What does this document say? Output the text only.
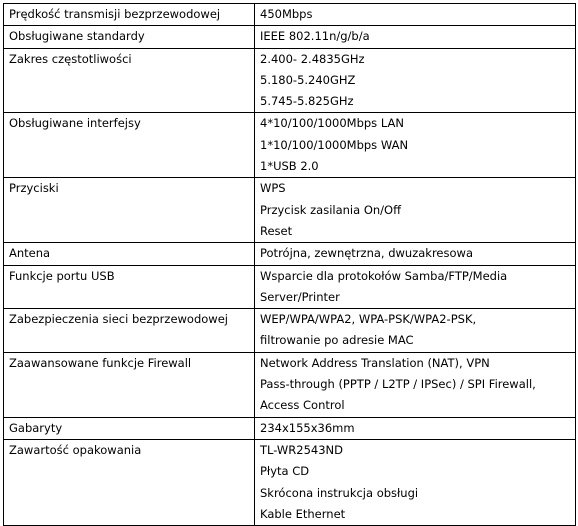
Prędkość transmisji bezprzewodowej	450Mbps

Obsługiwane standardy	IEEE 802.11n/g/b/a

Zakres częstotliwości	2.400- 2.4835GHz
5.180-5.240GHZ
5.745-5.825GHz

Obsługiwane interfejsy	4*10/100/1000Mbps LAN
1*10/100/1000Mbps WAN
1*USB 2.0

Przyciski	WPS
Przycisk zasilania On/Off
Reset

Antena	Potrójna, zewnętrzna, dwuzakresowa

Funkcje portu USB	Wsparcie dla protokołów Samba/FTP/Media
Server/Printer

Zabezpieczenia sieci bezprzewodowej	WEP/WPA/WPA2, WPA-PSK/WPA2-PSK,
filtrowanie po adresie MAC

Zaawansowane funkcje Firewall	Network Address Translation (NAT), VPN
Pass-through (PPTP / L2TP / IPSec) / SPI Firewall,
Access Control

Gabaryty	234x155x36mm

Zawartość opakowania	TL-WR2543ND
Płyta CD
Skrócona instrukcja obsługi
Kable Ethernet
